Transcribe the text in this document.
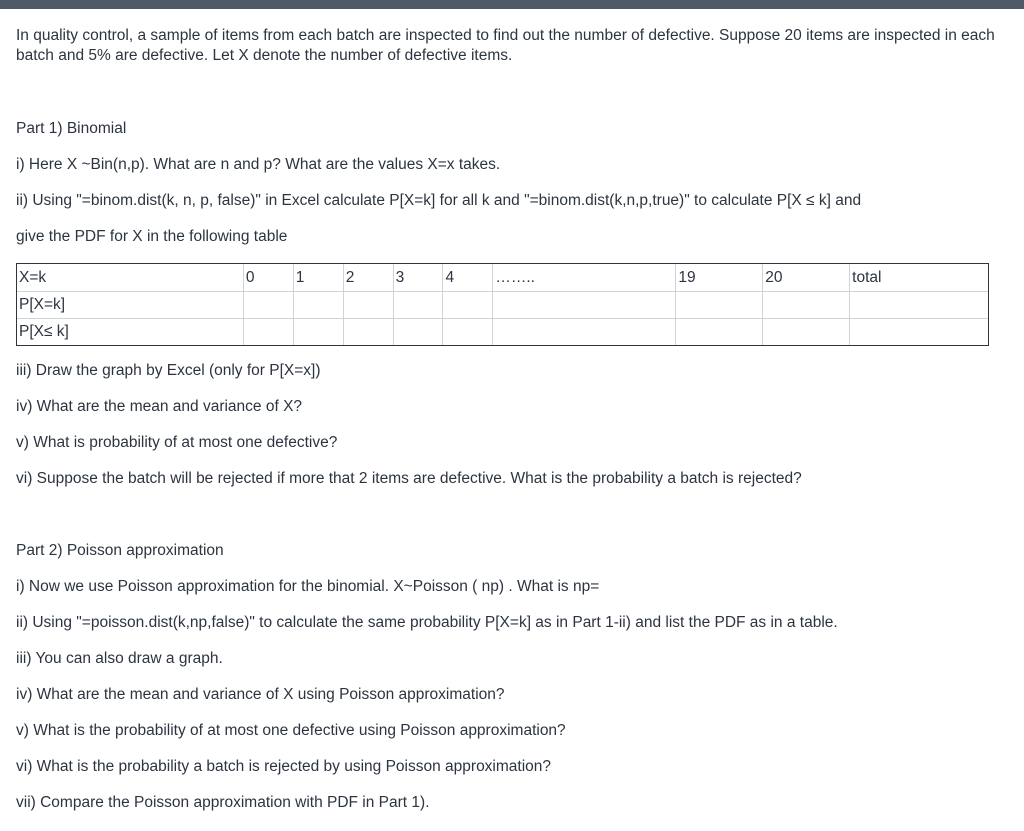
In quality control, a sample of items from each batch are inspected to find out the number of defective. Suppose 20 items are inspected in each batch and 5% are defective. Let X denote the number of defective items.

Part 1) Binomial
i) Here X ~Bin(n,p). What are n and p? What are the values X=x takes.
ii) Using "=binom.dist(k, n, p, false)" in Excel calculate P[X=k] for all k and "=binom.dist(k,n,p,true)" to calculate P[X ≤ k] and
give the PDF for X in the following table
X=k	0	1	2	3	4	……..	19	20	total
P[X=k]									
P[X≤ k]									
iii) Draw the graph by Excel (only for P[X=x])
iv) What are the mean and variance of X?
v) What is probability of at most one defective?
vi) Suppose the batch will be rejected if more that 2 items are defective. What is the probability a batch is rejected?
Part 2) Poisson approximation
i) Now we use Poisson approximation for the binomial. X~Poisson ( np) . What is np=
ii) Using "=poisson.dist(k,np,false)" to calculate the same probability P[X=k] as in Part 1-ii) and list the PDF as in a table.
iii) You can also draw a graph.
iv) What are the mean and variance of X using Poisson approximation?
v) What is the probability of at most one defective using Poisson approximation?
vi) What is the probability a batch is rejected by using Poisson approximation?
vii) Compare the Poisson approximation with PDF in Part 1).
